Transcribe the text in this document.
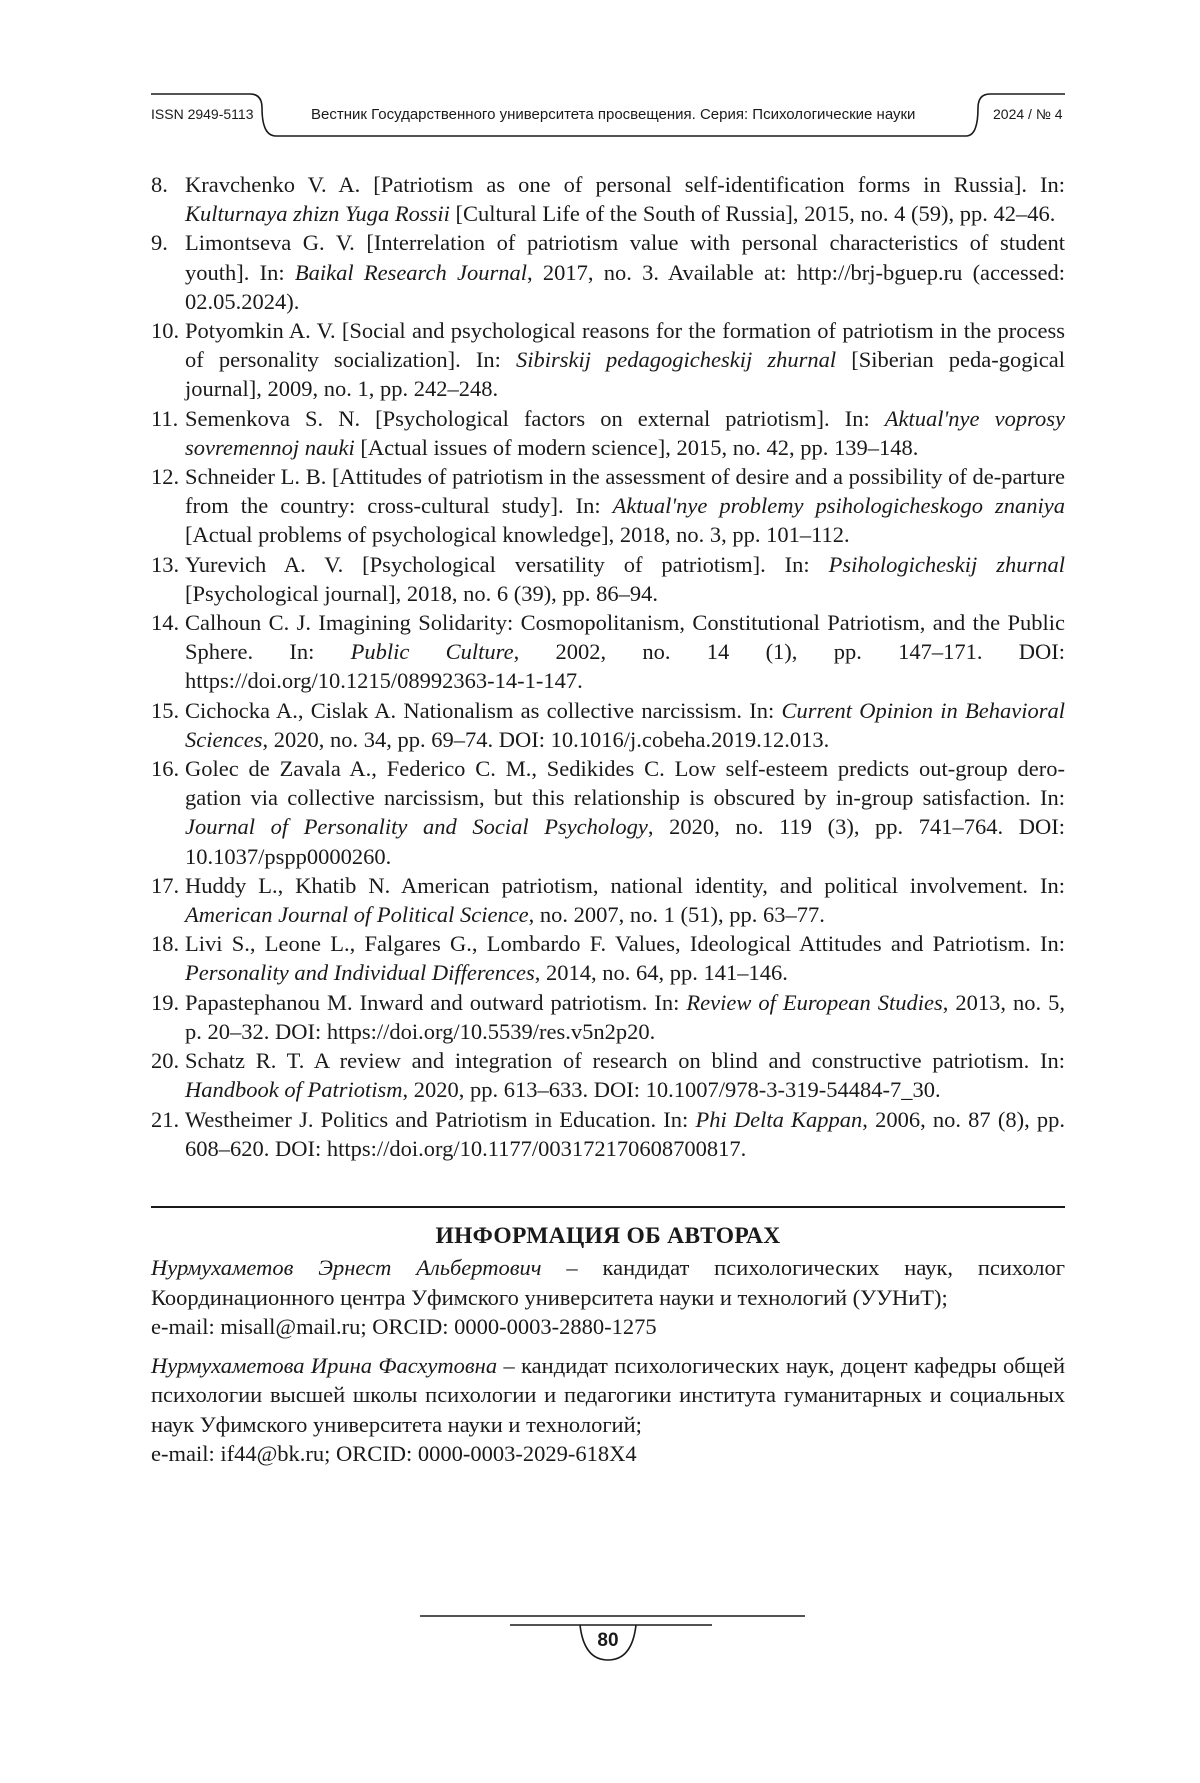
ISSN 2949-5113	Вестник Государственного университета просвещения. Серия: Психологические науки	2024 / № 4
8. Kravchenko V. A. [Patriotism as one of personal self-identification forms in Russia]. In: Kulturnaya zhizn Yuga Rossii [Cultural Life of the South of Russia], 2015, no. 4 (59), pp. 42–46.
9. Limontseva G. V. [Interrelation of patriotism value with personal characteristics of student youth]. In: Baikal Research Journal, 2017, no. 3. Available at: http://brj-bguep.ru (accessed: 02.05.2024).
10. Potyomkin A. V. [Social and psychological reasons for the formation of patriotism in the process of personality socialization]. In: Sibirskij pedagogicheskij zhurnal [Siberian peda-gogical journal], 2009, no. 1, pp. 242–248.
11. Semenkova S. N. [Psychological factors on external patriotism]. In: Aktual'nye voprosy sovremennoj nauki [Actual issues of modern science], 2015, no. 42, pp. 139–148.
12. Schneider L. B. [Attitudes of patriotism in the assessment of desire and a possibility of de-parture from the country: cross-cultural study]. In: Aktual'nye problemy psihologicheskogo znaniya [Actual problems of psychological knowledge], 2018, no. 3, pp. 101–112.
13. Yurevich A. V. [Psychological versatility of patriotism]. In: Psihologicheskij zhurnal [Psychological journal], 2018, no. 6 (39), pp. 86–94.
14. Calhoun C. J. Imagining Solidarity: Cosmopolitanism, Constitutional Patriotism, and the Public Sphere. In: Public Culture, 2002, no. 14 (1), pp. 147–171. DOI: https://doi.org/10.1215/08992363-14-1-147.
15. Cichocka A., Cislak A. Nationalism as collective narcissism. In: Current Opinion in Behavioral Sciences, 2020, no. 34, pp. 69–74. DOI: 10.1016/j.cobeha.2019.12.013.
16. Golec de Zavala A., Federico C. M., Sedikides C. Low self-esteem predicts out-group dero-gation via collective narcissism, but this relationship is obscured by in-group satisfaction. In: Journal of Personality and Social Psychology, 2020, no. 119 (3), pp. 741–764. DOI: 10.1037/pspp0000260.
17. Huddy L., Khatib N. American patriotism, national identity, and political involvement. In: American Journal of Political Science, no. 2007, no. 1 (51), pp. 63–77.
18. Livi S., Leone L., Falgares G., Lombardo F. Values, Ideological Attitudes and Patriotism. In: Personality and Individual Differences, 2014, no. 64, pp. 141–146.
19. Papastephanou M. Inward and outward patriotism. In: Review of European Studies, 2013, no. 5, p. 20–32. DOI: https://doi.org/10.5539/res.v5n2p20.
20. Schatz R. T. A review and integration of research on blind and constructive patriotism. In: Handbook of Patriotism, 2020, pp. 613–633. DOI: 10.1007/978-3-319-54484-7_30.
21. Westheimer J. Politics and Patriotism in Education. In: Phi Delta Kappan, 2006, no. 87 (8), pp. 608–620. DOI: https://doi.org/10.1177/003172170608700817.
ИНФОРМАЦИЯ ОБ АВТОРАХ

Нурмухаметов Эрнест Альбертович – кандидат психологических наук, психолог Координационного центра Уфимского университета науки и технологий (УУНиТ);
e-mail: misall@mail.ru; ORCID: 0000-0003-2880-1275

Нурмухаметова Ирина Фасхутовна – кандидат психологических наук, доцент кафедры общей психологии высшей школы психологии и педагогики института гуманитарных и социальных наук Уфимского университета науки и технологий;
e-mail: if44@bk.ru; ORCID: 0000-0003-2029-618X4

80
